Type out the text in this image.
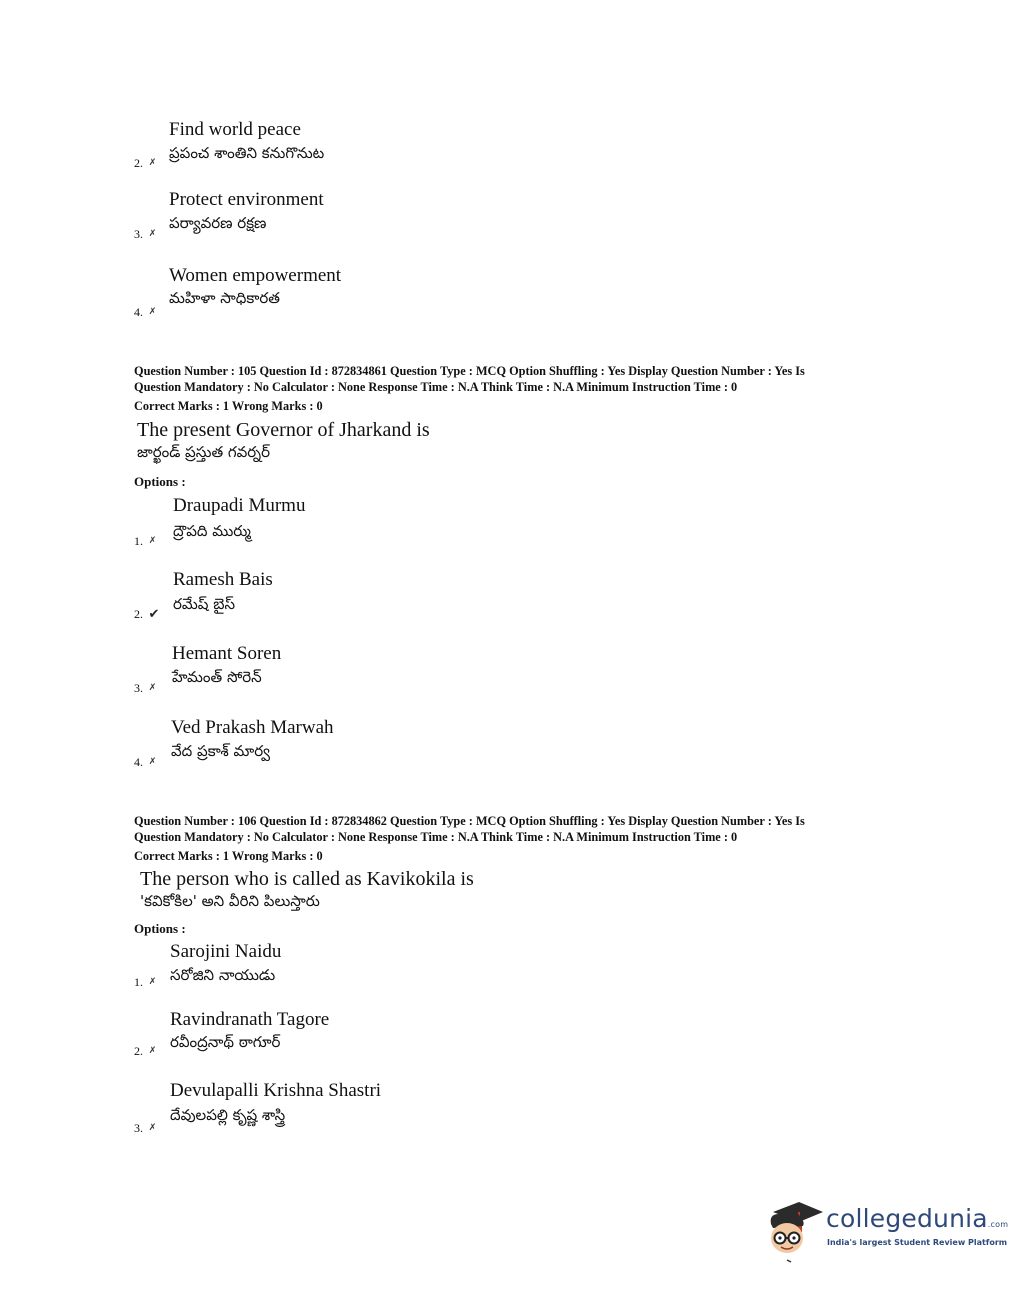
Find world peace
ప్రపంచ శాంతిని కనుగొనుట
2. ✗
Protect environment
పర్యావరణ రక్షణ
3. ✗
Women empowerment
మహిళా సాధికారత
4. ✗
Question Number : 105 Question Id : 872834861 Question Type : MCQ Option Shuffling : Yes Display Question Number : Yes Is
Question Mandatory : No Calculator : None Response Time : N.A Think Time : N.A Minimum Instruction Time : 0
Correct Marks : 1 Wrong Marks : 0
The present Governor of Jharkand is
జార్ఖండ్ ప్రస్తుత గవర్నర్
Options :
Draupadi Murmu
ద్రౌపది ముర్ము
1. ✗
Ramesh Bais
రమేష్ బైస్
2. ✔
Hemant Soren
హేమంత్ సోరెన్
3. ✗
Ved Prakash Marwah
వేద ప్రకాశ్ మార్వ
4. ✗
Question Number : 106 Question Id : 872834862 Question Type : MCQ Option Shuffling : Yes Display Question Number : Yes Is
Question Mandatory : No Calculator : None Response Time : N.A Think Time : N.A Minimum Instruction Time : 0
Correct Marks : 1 Wrong Marks : 0
The person who is called as Kavikokila is
'కవికోకిల' అని వీరిని పిలుస్తారు
Options :
Sarojini Naidu
సరోజిని నాయుడు
1. ✗
Ravindranath Tagore
రవీంద్రనాథ్ ఠాగూర్
2. ✗
Devulapalli Krishna Shastri
దేవులపల్లి కృష్ణ శాస్త్రి
3. ✗
collegedunia.com
India's largest Student Review Platform
